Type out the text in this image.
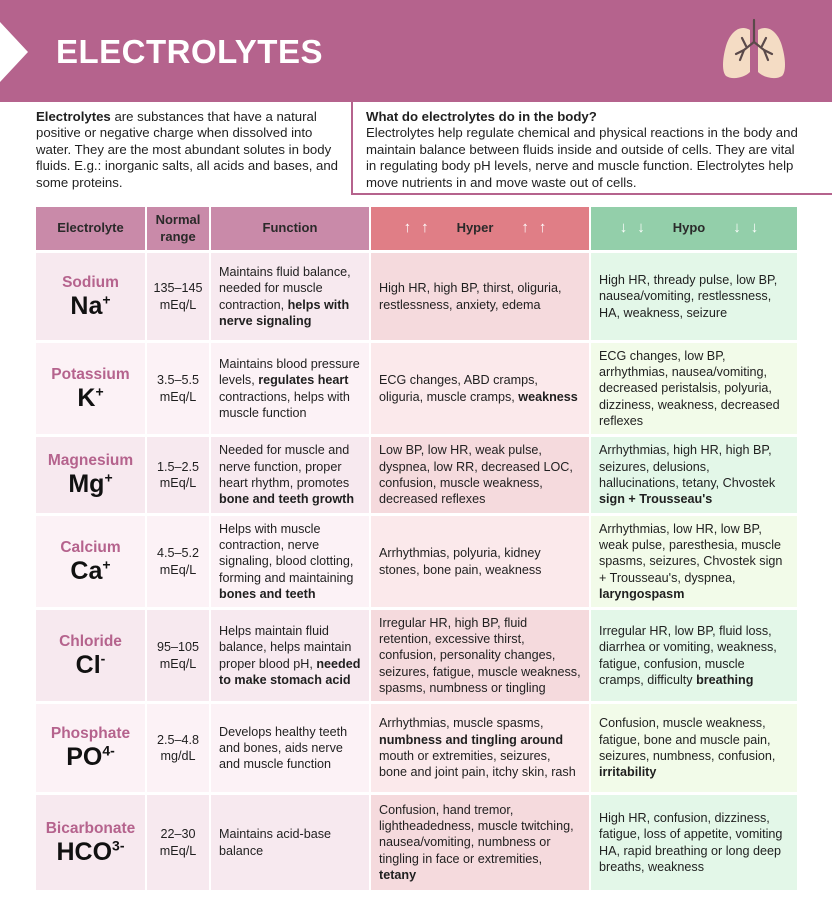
ELECTROLYTES
Electrolytes are substances that have a natural positive or negative charge when dissolved into water. They are the most abundant solutes in body fluids. E.g.: inorganic salts, all acids and bases, and some proteins.
What do electrolytes do in the body?
Electrolytes help regulate chemical and physical reactions in the body and maintain balance between fluids inside and outside of cells. They are vital in regulating body pH levels, nerve and muscle function. Electrolytes help move nutrients in and move waste out of cells.
Electrolyte
Normal range
Function	↑↑ Hyper ↑↑	↓↓ Hypo ↓↓
Sodium
Na+
135–145 mEq/L
Maintains fluid balance, needed for muscle contraction, helps with nerve signaling
High HR, high BP, thirst, oliguria, restlessness, anxiety, edema
High HR, thready pulse, low BP, nausea/vomiting, restlessness, HA, weakness, seizure
Potassium
K+
3.5–5.5 mEq/L
Maintains blood pressure levels, regulates heart contractions, helps with muscle function
ECG changes, ABD cramps, oliguria, muscle cramps, weakness
ECG changes, low BP, arrhythmias, nausea/vomiting, decreased peristalsis, polyuria, dizziness, weakness, decreased reflexes
Magnesium
Mg+
1.5–2.5 mEq/L
Needed for muscle and nerve function, proper heart rhythm, promotes bone and teeth growth
Low BP, low HR, weak pulse, dyspnea, low RR, decreased LOC, confusion, muscle weakness, decreased reflexes
Arrhythmias, high HR, high BP, seizures, delusions, hallucinations, tetany, Chvostek sign + Trousseau's
Calcium
Ca+
4.5–5.2 mEq/L
Helps with muscle contraction, nerve signaling, blood clotting, forming and maintaining bones and teeth
Arrhythmias, polyuria, kidney stones, bone pain, weakness
Arrhythmias, low HR, low BP, weak pulse, paresthesia, muscle spasms, seizures, Chvostek sign + Trousseau's, dyspnea, laryngospasm
Chloride
Cl-
95–105 mEq/L
Helps maintain fluid balance, helps maintain proper blood pH, needed to make stomach acid
Irregular HR, high BP, fluid retention, excessive thirst, confusion, personality changes, seizures, fatigue, muscle weakness, spasms, numbness or tingling
Irregular HR, low BP, fluid loss, diarrhea or vomiting, weakness, fatigue, confusion, muscle cramps, difficulty breathing
Phosphate
$PO^{4-}$
2.5–4.8 mg/dL
Develops healthy teeth and bones, aids nerve and muscle function
Arrhythmias, muscle spasms, numbness and tingling around mouth or extremities, seizures, bone and joint pain, itchy skin, rash
Confusion, muscle weakness, fatigue, bone and muscle pain, seizures, numbness, confusion, irritability
Bicarbonate
$HCO^{3-}$
22–30 mEq/L
Maintains acid-base balance
Confusion, hand tremor, lightheadedness, muscle twitching, nausea/vomiting, numbness or tingling in face or extremities, tetany
High HR, confusion, dizziness, fatigue, loss of appetite, vomiting HA, rapid breathing or long deep breaths, weakness
